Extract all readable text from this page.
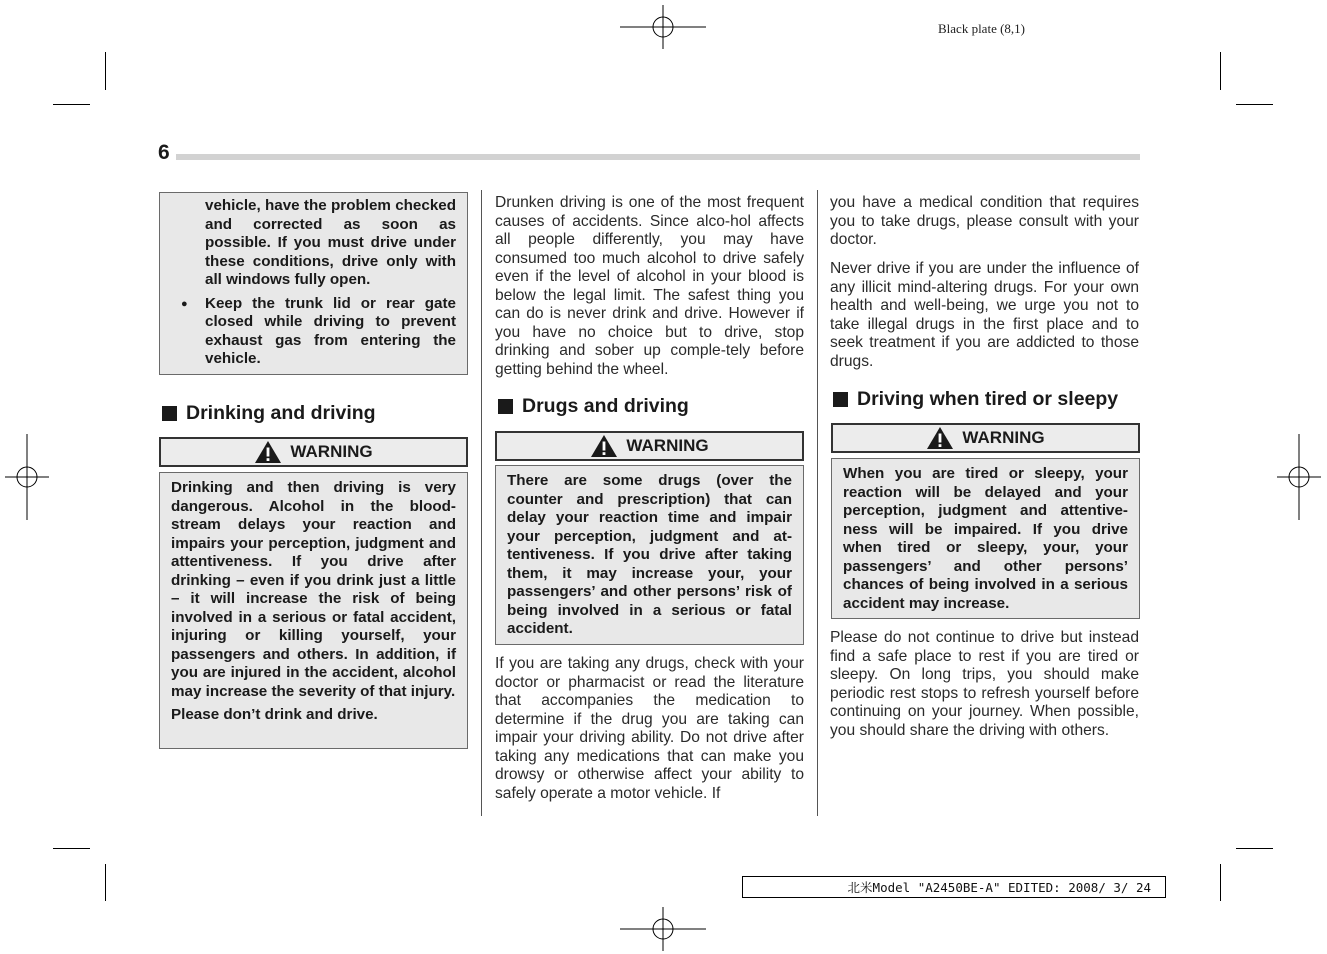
Black plate (8,1)
6

vehicle, have the problem checked and corrected as soon as possible. If you must drive under these conditions, drive only with all windows fully open.

●	Keep the trunk lid or rear gate closed while driving to prevent exhaust gas from entering the vehicle.

Drinking and driving
WARNING

Drinking and then driving is very dangerous. Alcohol in the blood-stream delays your reaction and impairs your perception, judgment and attentiveness. If you drive after drinking – even if you drink just a little – it will increase the risk of being involved in a serious or fatal accident, injuring or killing yourself, your passengers and others. In addition, if you are injured in the accident, alcohol may increase the severity of that injury.

Please don’t drink and drive.

Drunken driving is one of the most frequent causes of accidents. Since alco-hol affects all people differently, you may have consumed too much alcohol to drive safely even if the level of alcohol in your blood is below the legal limit. The safest thing you can do is never drink and drive. However if you have no choice but to drive, stop drinking and sober up comple-tely before getting behind the wheel.

Drugs and driving
WARNING

There are some drugs (over the counter and prescription) that can delay your reaction time and impair your perception, judgment and at-tentiveness. If you drive after taking them, it may increase your, your passengers’ and other persons’ risk of being involved in a serious or fatal accident.

If you are taking any drugs, check with your doctor or pharmacist or read the literature that accompanies the medication to determine if the drug you are taking can impair your driving ability. Do not drive after taking any medications that can make you drowsy or otherwise affect your ability to safely operate a motor vehicle. If

you have a medical condition that requires you to take drugs, please consult with your doctor.

Never drive if you are under the influence of any illicit mind-altering drugs. For your own health and well-being, we urge you not to take illegal drugs in the first place and to seek treatment if you are addicted to those drugs.

Driving when tired or sleepy
WARNING

When you are tired or sleepy, your reaction will be delayed and your perception, judgment and attentive-ness will be impaired. If you drive when tired or sleepy, your, your passengers’ and other persons’ chances of being involved in a serious accident may increase.

Please do not continue to drive but instead find a safe place to rest if you are tired or sleepy. On long trips, you should make periodic rest stops to refresh yourself before continuing on your journey. When possible, you should share the driving with others.

北米Model "A2450BE-A" EDITED: 2008/ 3/ 24
